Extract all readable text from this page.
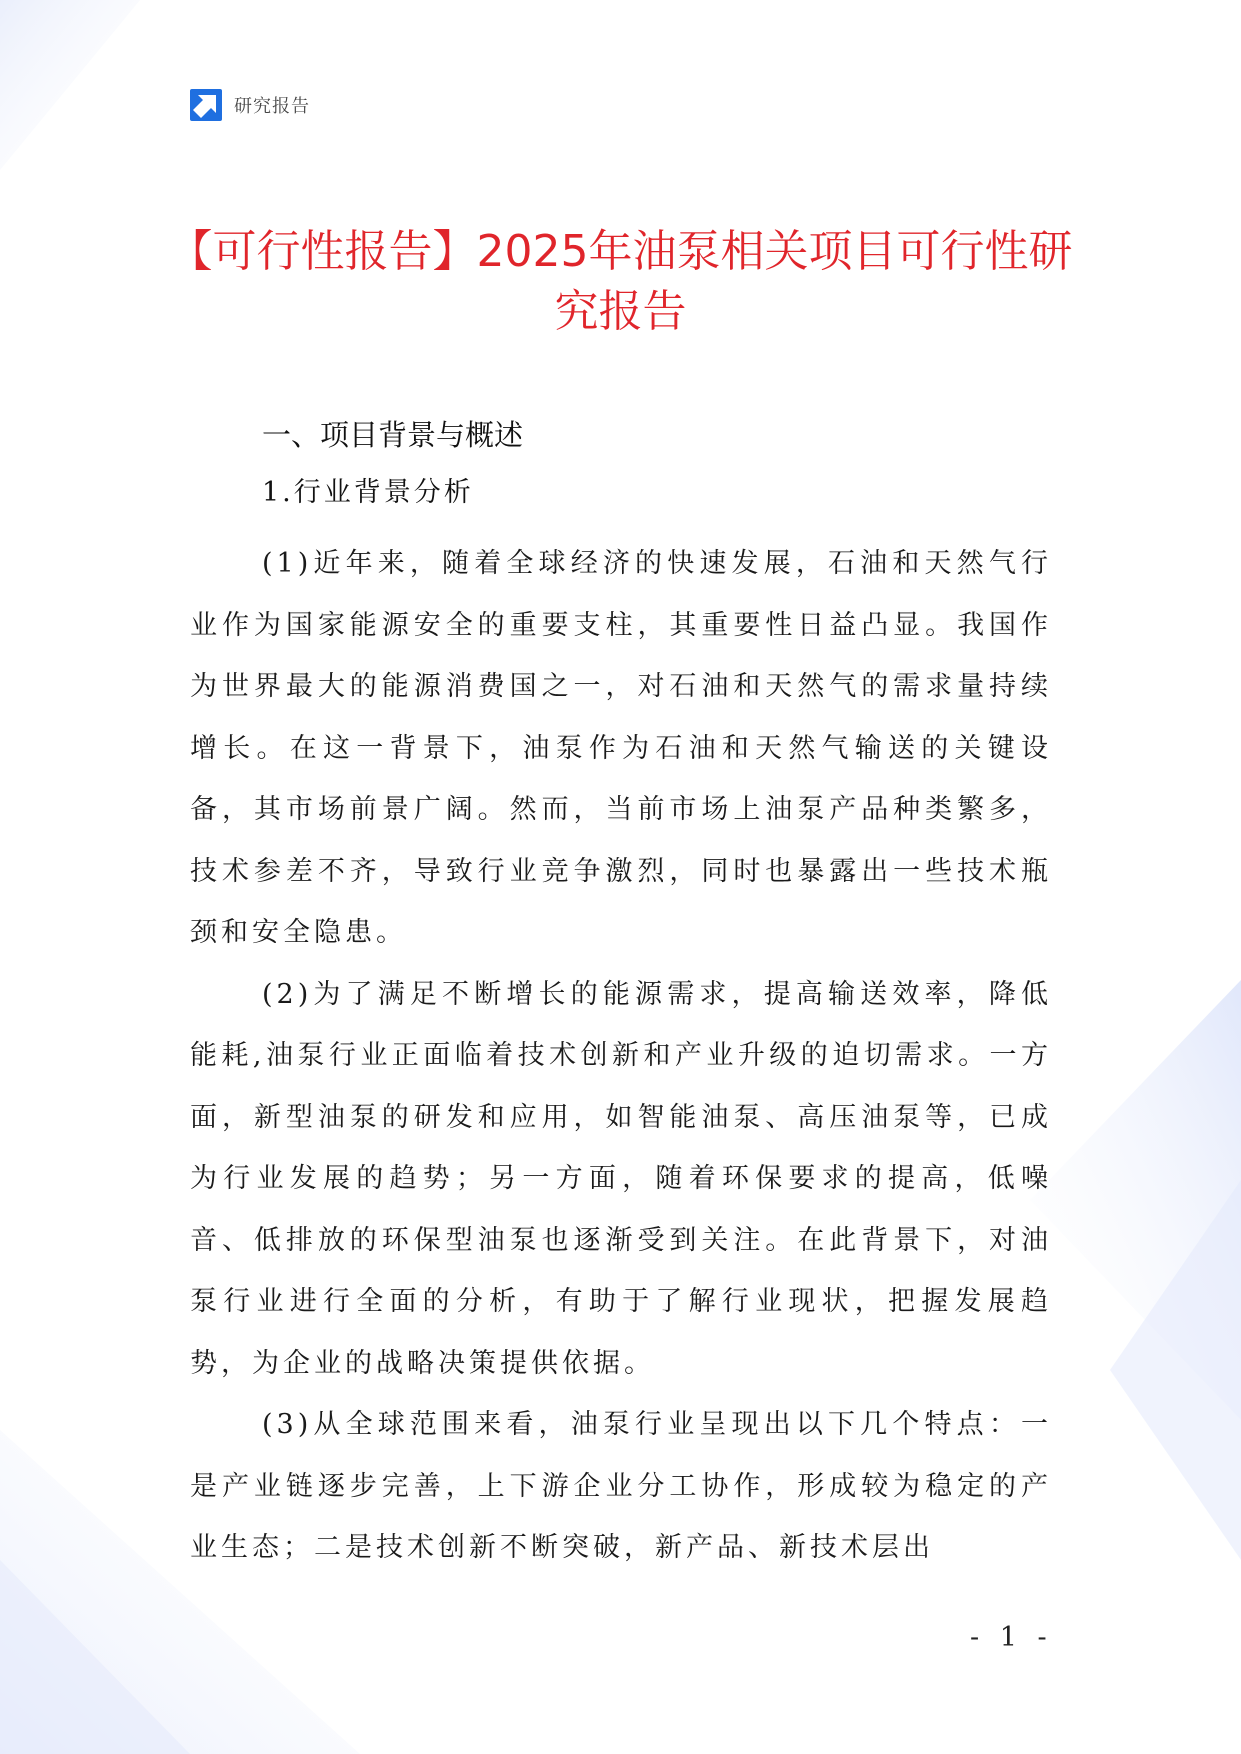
研究报告
【可行性报告】2025年油泵相关项目可行性研究报告
一、项目背景与概述
1.行业背景分析

(1)近年来，随着全球经济的快速发展，石油和天然气行业作为国家能源安全的重要支柱，其重要性日益凸显。我国作为世界最大的能源消费国之一，对石油和天然气的需求量持续增长。在这一背景下，油泵作为石油和天然气输送的关键设备，其市场前景广阔。然而，当前市场上油泵产品种类繁多，技术参差不齐，导致行业竞争激烈，同时也暴露出一些技术瓶颈和安全隐患。

(2)为了满足不断增长的能源需求，提高输送效率，降低能耗,油泵行业正面临着技术创新和产业升级的迫切需求。一方面，新型油泵的研发和应用，如智能油泵、高压油泵等，已成为行业发展的趋势；另一方面，随着环保要求的提高，低噪音、低排放的环保型油泵也逐渐受到关注。在此背景下，对油泵行业进行全面的分析，有助于了解行业现状，把握发展趋势，为企业的战略决策提供依据。

(3)从全球范围来看，油泵行业呈现出以下几个特点：一是产业链逐步完善，上下游企业分工协作，形成较为稳定的产业生态；二是技术创新不断突破，新产品、新技术层出

- 1 -
